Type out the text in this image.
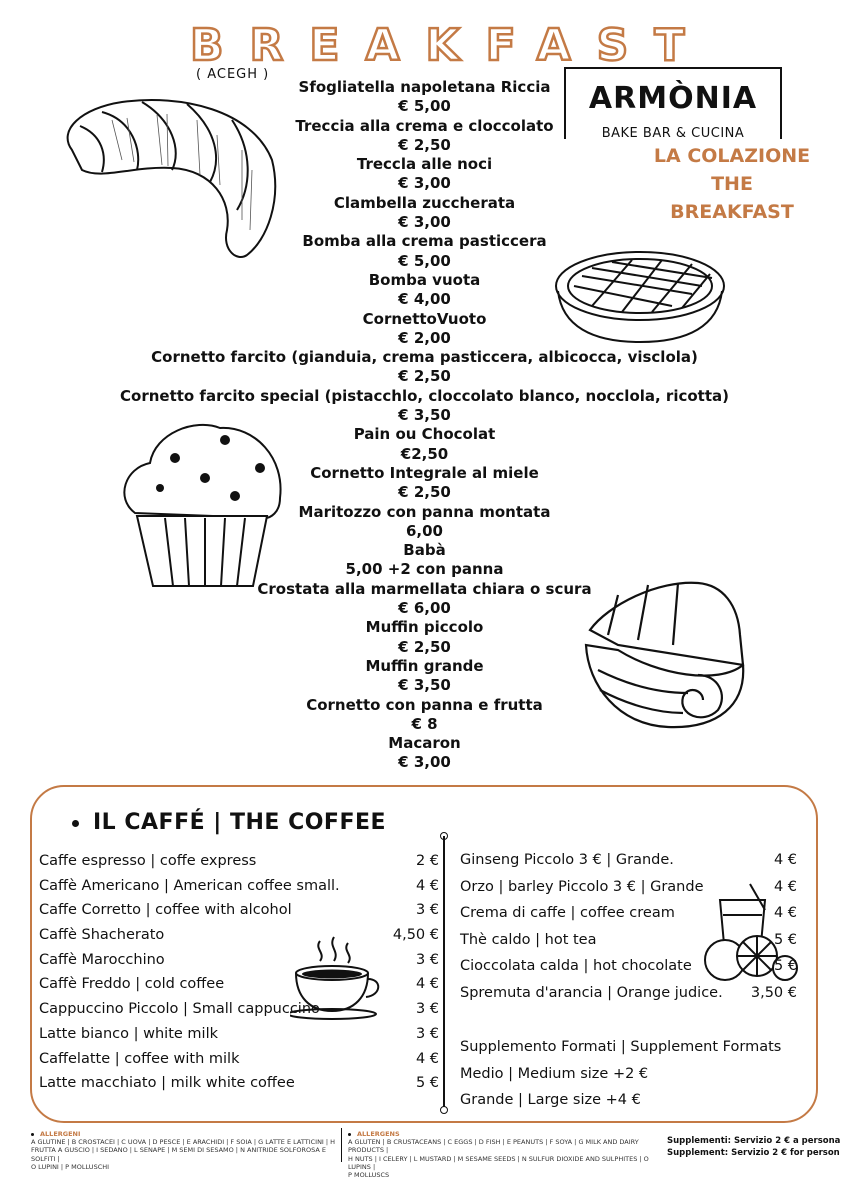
BREAKFAST
( ACEGH )
ARMÒNIA
BAKE BAR & CUCINA
LA COLAZIONE
THE
BREAKFAST
Sfogliatella napoletana Riccia
€ 5,00
Treccia alla crema e cloccolato
€ 2,50
Treccla alle noci
€ 3,00
Clambella zuccherata
€ 3,00
Bomba alla crema pasticcera
€ 5,00
Bomba vuota
€ 4,00
CornettoVuoto
€ 2,00
Cornetto farcito (gianduia, crema pasticcera, albicocca, visclola)
€ 2,50
Cornetto farcito special (pistacchlo, cloccolato blanco, nocclola, ricotta)
€ 3,50
Pain ou Chocolat
€2,50
Cornetto Integrale al miele
€ 2,50
Maritozzo con panna montata
6,00
Babà
5,00 +2 con panna
Crostata alla marmellata chiara o scura
€ 6,00
Muffin piccolo
€ 2,50
Muffin grande
€ 3,50
Cornetto con panna e frutta
€ 8
Macaron
€ 3,00
IL CAFFÉ | THE COFFEE
Caffe espresso | coffe express	2 €
Caffè Americano | American coffee small.	4 €
Caffe Corretto | coffee with alcohol	3 €
Caffè Shacherato	4,50 €
Caffè Marocchino	3 €
Caffè Freddo | cold coffee	4 €
Cappuccino Piccolo | Small cappuccino	3 €
Latte bianco | white milk	3 €
Caffelatte | coffee with milk	4 €
Latte macchiato | milk white coffee	5 €
Ginseng Piccolo 3 € | Grande.	4 €
Orzo | barley Piccolo 3 € | Grande	4 €
Crema di caffe | coffee cream	4 €
Thè caldo | hot tea	5 €
Cioccolata calda | hot chocolate	5 €
Spremuta d'arancia | Orange judice. 3,50 €
Supplemento Formati | Supplement Formats
Medio | Medium size +2 €
Grande | Large size +4 €
ALLERGENI
A GLUTINE | B CROSTACEI | C UOVA | D PESCE | E ARACHIDI | F SOIA | G LATTE E LATTICINI | H
FRUTTA A GUSCIO | I SEDANO | L SENAPE | M SEMI DI SESAMO | N ANITRIDE SOLFOROSA E SOLFITI |
O LUPINI | P MOLLUSCHI
ALLERGENS
A GLUTEN | B CRUSTACEANS | C EGGS | D FISH | E PEANUTS | F SOYA | G MILK AND DAIRY PRODUCTS |
H NUTS | I CELERY | L MUSTARD | M SESAME SEEDS | N SULFUR DIOXIDE AND SULPHITES | O LUPINS |
P MOLLUSCS
Supplementi: Servizio 2 € a persona
Supplement: Servizio 2 € for person
